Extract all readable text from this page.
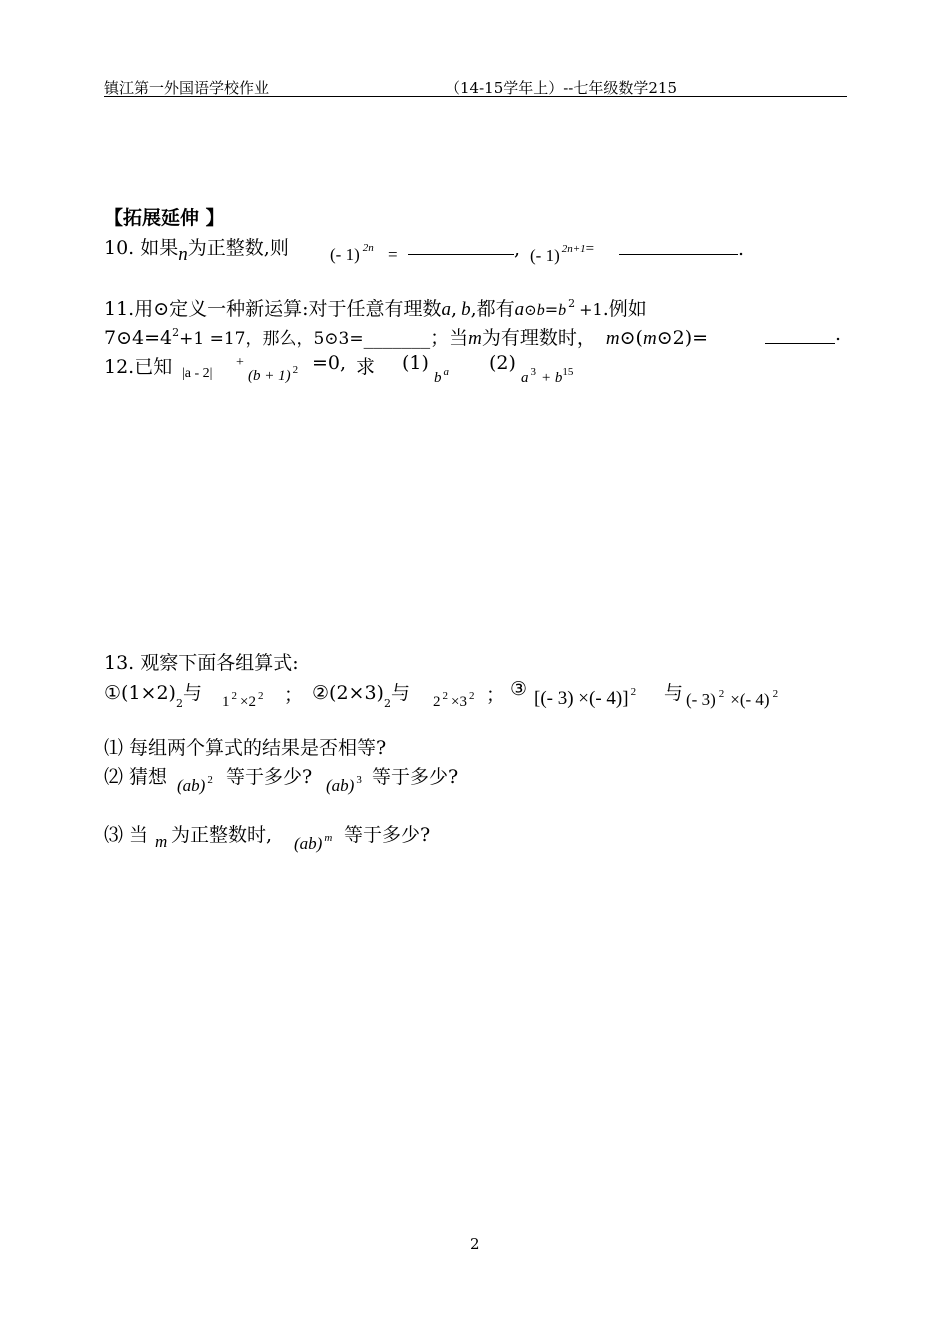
镇江第一外国语学校作业	（14-15学年上）--七年级数学215
【拓展延伸 】
10. 如果n为正整数,则 (- 1) $^{2n}$ =	, (- 1) $^{2n+1}$=	.
11.用⊙定义一种新运算:对于任意有理数a, b,都有a⊙b=b $^2$ +1.例如
$7⊙4=4^2+1 =17$，那么，5⊙3=_______；当m为有理数时， m⊙(m⊙2)=	.
12.已知 |a - 2|
+
(b + 1) $^2$ =0, 求 (1)
b $^a$ (2)
a $^3 + b^{15}$
13. 观察下面各组算式:
$①(1\times 2)_2$与 1 $^2$ ×2 $^2$ ； $②(2\times 3)_2$与 2 $^2$ ×3 $^2$ ； ③ [(- 3) ×(- 4)] $^2$ 与 (- 3) $^2$ ×(- 4) $^2$
⑴ 每组两个算式的结果是否相等?
⑵ 猜想 (ab) $^2$ 等于多少? (ab) $^3$ 等于多少?
⑶ 当 m 为正整数时, (ab) $^m$ 等于多少?
2
